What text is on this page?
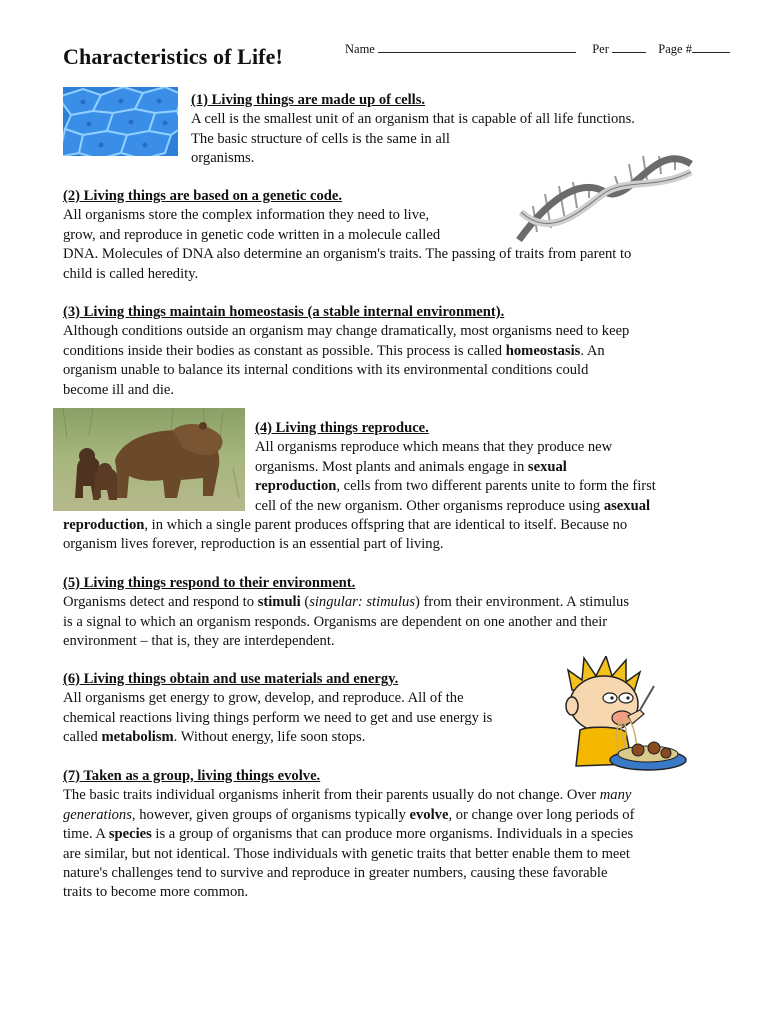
Characteristics of Life!	Name	Per	Page #

(1) Living things are made up of cells.

A cell is the smallest unit of an organism that is capable of all life functions.

The basic structure of cells is the same in all

organisms.

(2) Living things are based on a genetic code.

All organisms store the complex information they need to live,

grow, and reproduce in genetic code written in a molecule called

DNA. Molecules of DNA also determine an organism's traits. The passing of traits from parent to

child is called heredity.

(3) Living things maintain homeostasis (a stable internal environment).

Although conditions outside an organism may change dramatically, most organisms need to keep

conditions inside their bodies as constant as possible. This process is called homeostasis. An

organism unable to balance its internal conditions with its environmental conditions could

become ill and die.

(4) Living things reproduce.

All organisms reproduce which means that they produce new

organisms. Most plants and animals engage in sexual

reproduction, cells from two different parents unite to form the first

cell of the new organism. Other organisms reproduce using asexual

reproduction, in which a single parent produces offspring that are identical to itself. Because no

organism lives forever, reproduction is an essential part of living.

(5) Living things respond to their environment.

Organisms detect and respond to stimuli (singular: stimulus) from their environment. A stimulus

is a signal to which an organism responds. Organisms are dependent on one another and their

environment – that is, they are interdependent.

(6) Living things obtain and use materials and energy.

All organisms get energy to grow, develop, and reproduce. All of the

chemical reactions living things perform we need to get and use energy is

called metabolism. Without energy, life soon stops.

(7) Taken as a group, living things evolve.

The basic traits individual organisms inherit from their parents usually do not change. Over many

generations, however, given groups of organisms typically evolve, or change over long periods of

time. A species is a group of organisms that can produce more organisms. Individuals in a species

are similar, but not identical. Those individuals with genetic traits that better enable them to meet

nature's challenges tend to survive and reproduce in greater numbers, causing these favorable

traits to become more common.
